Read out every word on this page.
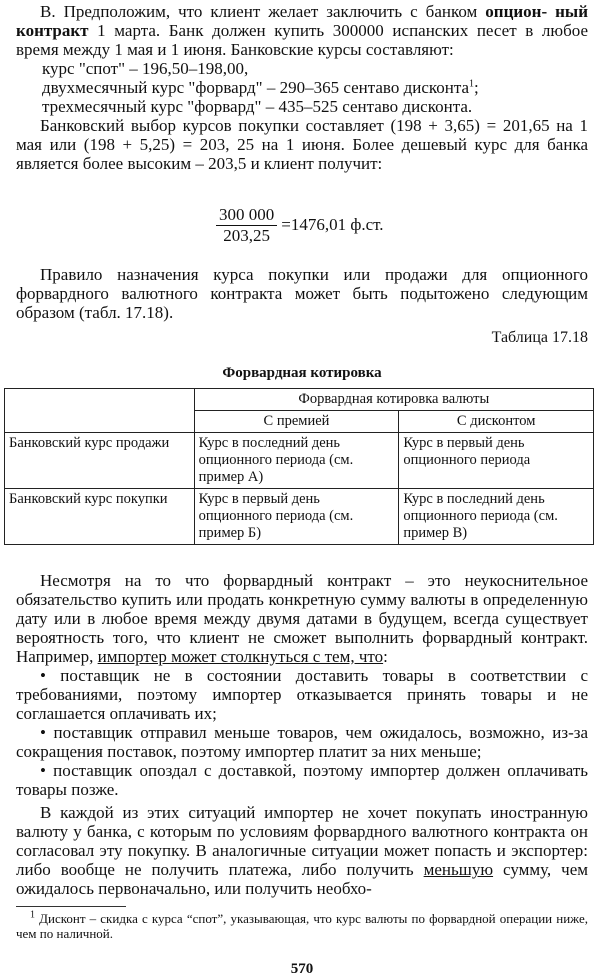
В. Предположим, что клиент желает заключить с банком опцион- ный контракт 1 марта. Банк должен купить 300000 испанских песет в любое время между 1 мая и 1 июня. Банковские курсы составляют:

курс "спот" – 196,50–198,00,

двухмесячный курс "форвард" – 290–365 сентаво дисконта$^1$;

трехмесячный курс "форвард" – 435–525 сентаво дисконта.

Банковский выбор курсов покупки составляет (198 + 3,65) = 201,65 на 1 мая или (198 + 5,25) = 203, 25 на 1 июня. Более дешевый курс для банка является более высоким – 203,5 и клиент получит:

$\frac{300 000}{203,25} =1476,01$ ф.ст.

Правило назначения курса покупки или продажи для опционного форвардного валютного контракта может быть подытожено следующим образом (табл. 17.18).

Таблица 17.18

Форвардная котировка

	Форвардная котировка валюты	
	С премией	С дисконтом
Банковский курс продажи	Курс в последний день опционного периода (см. пример А)	Курс в первый день опционного периода
Банковский курс покупки	Курс в первый день опционного периода (см. пример Б)	Курс в последний день опционного периода (см. пример В)

Несмотря на то что форвардный контракт – это неукоснительное обязательство купить или продать конкретную сумму валюты в определенную дату или в любое время между двумя датами в будущем, всегда существует вероятность того, что клиент не сможет выполнить форвардный контракт. Например, импортер может столкнуться с тем, что:

• поставщик не в состоянии доставить товары в соответствии с требованиями, поэтому импортер отказывается принять товары и не соглашается оплачивать их;

• поставщик отправил меньше товаров, чем ожидалось, возможно, из-за сокращения поставок, поэтому импортер платит за них меньше;

• поставщик опоздал с доставкой, поэтому импортер должен оплачивать товары позже.

В каждой из этих ситуаций импортер не хочет покупать иностранную валюту у банка, с которым по условиям форвардного валютного контракта он согласовал эту покупку. В аналогичные ситуации может попасть и экспортер: либо вообще не получить платежа, либо получить меньшую сумму, чем ожидалось первоначально, или получить необхо-

$^1$ Дисконт – скидка с курса “спот”, указывающая, что курс валюты по форвардной операции ниже, чем по наличной.

570
